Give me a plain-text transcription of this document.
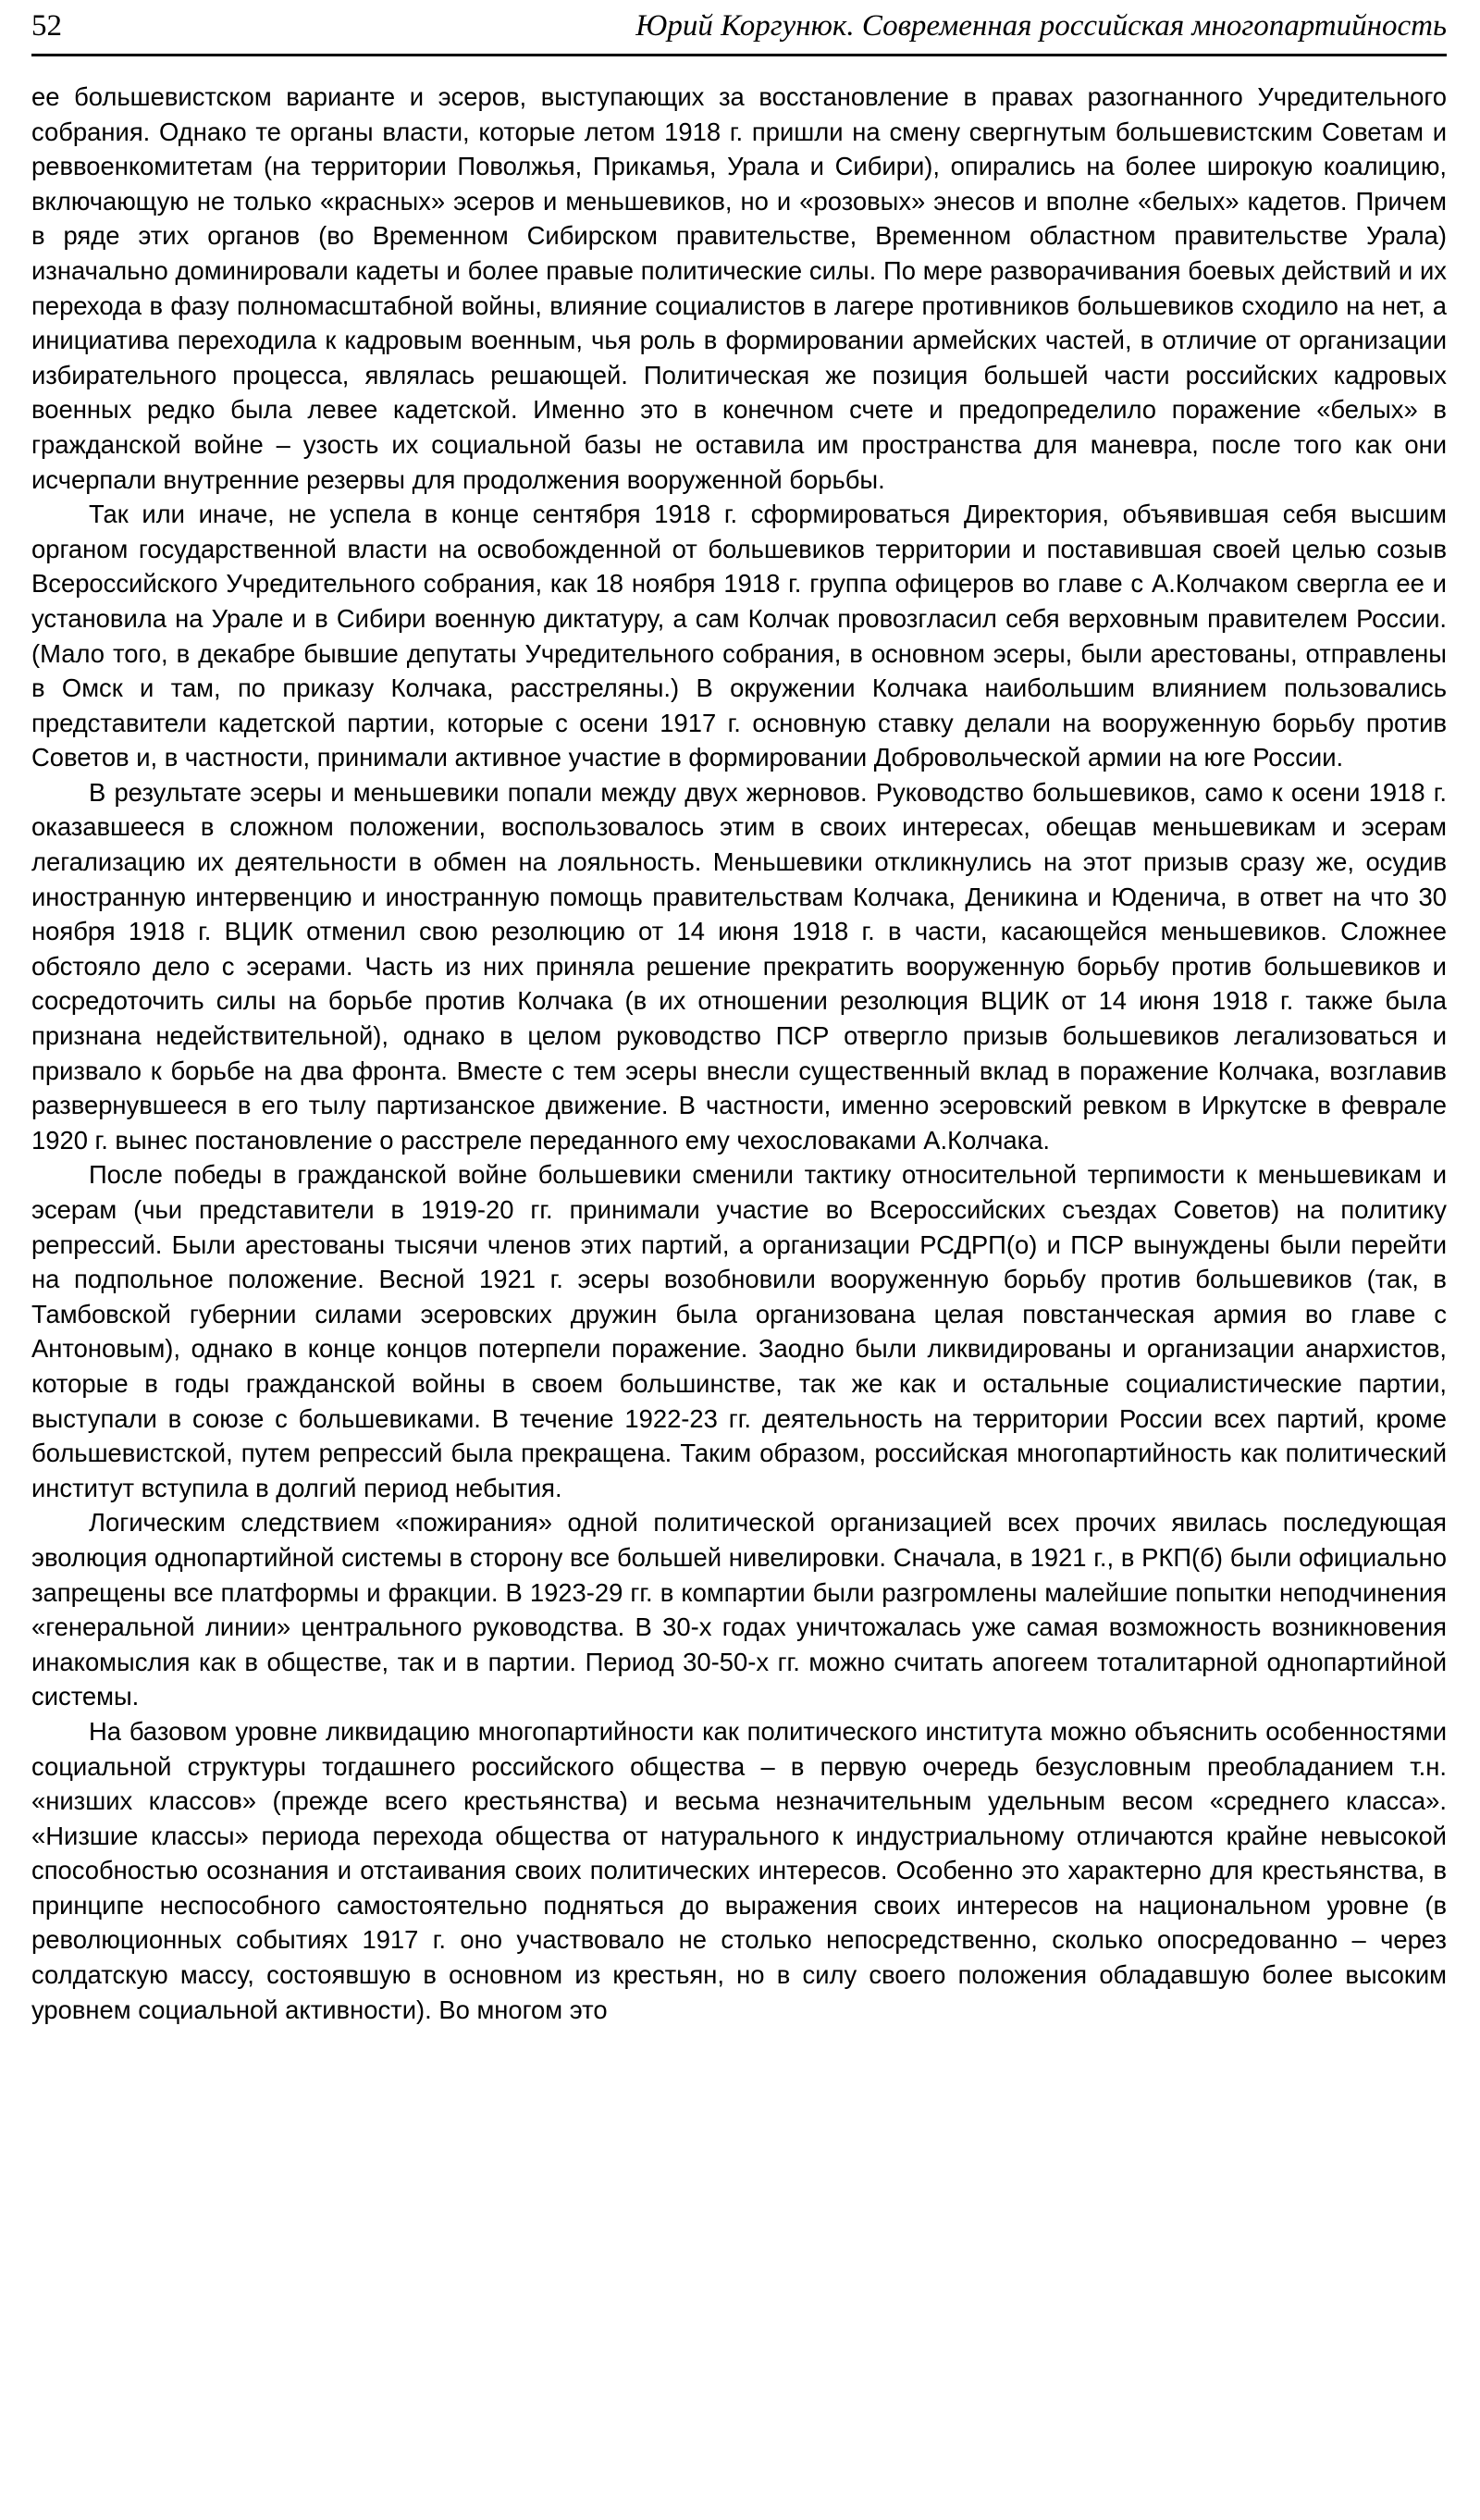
52	Юрий Коргунюк. Современная российская многопартийность

ее большевистском варианте и эсеров, выступающих за восстановление в правах разогнанного Учредительного собрания. Однако те органы власти, которые летом 1918 г. пришли на смену свергнутым большевистским Советам и реввоенкомитетам (на территории Поволжья, Прикамья, Урала и Сибири), опирались на более широкую коалицию, включающую не только «красных» эсеров и меньшевиков, но и «розовых» энесов и вполне «белых» кадетов. Причем в ряде этих органов (во Временном Сибирском правительстве, Временном областном правительстве Урала) изначально доминировали кадеты и более правые политические силы. По мере разворачивания боевых действий и их перехода в фазу полномасштабной войны, влияние социалистов в лагере противников большевиков сходило на нет, а инициатива переходила к кадровым военным, чья роль в формировании армейских частей, в отличие от организации избирательного процесса, являлась решающей. Политическая же позиция большей части российских кадровых военных редко была левее кадетской. Именно это в конечном счете и предопределило поражение «белых» в гражданской войне – узость их социальной базы не оставила им пространства для маневра, после того как они исчерпали внутренние резервы для продолжения вооруженной борьбы.

Так или иначе, не успела в конце сентября 1918 г. сформироваться Директория, объявившая себя высшим органом государственной власти на освобожденной от большевиков территории и поставившая своей целью созыв Всероссийского Учредительного собрания, как 18 ноября 1918 г. группа офицеров во главе с А.Колчаком свергла ее и установила на Урале и в Сибири военную диктатуру, а сам Колчак провозгласил себя верховным правителем России. (Мало того, в декабре бывшие депутаты Учредительного собрания, в основном эсеры, были арестованы, отправлены в Омск и там, по приказу Колчака, расстреляны.) В окружении Колчака наибольшим влиянием пользовались представители кадетской партии, которые с осени 1917 г. основную ставку делали на вооруженную борьбу против Советов и, в частности, принимали активное участие в формировании Добровольческой армии на юге России.

В результате эсеры и меньшевики попали между двух жерновов. Руководство большевиков, само к осени 1918 г. оказавшееся в сложном положении, воспользовалось этим в своих интересах, обещав меньшевикам и эсерам легализацию их деятельности в обмен на лояльность. Меньшевики откликнулись на этот призыв сразу же, осудив иностранную интервенцию и иностранную помощь правительствам Колчака, Деникина и Юденича, в ответ на что 30 ноября 1918 г. ВЦИК отменил свою резолюцию от 14 июня 1918 г. в части, касающейся меньшевиков. Сложнее обстояло дело с эсерами. Часть из них приняла решение прекратить вооруженную борьбу против большевиков и сосредоточить силы на борьбе против Колчака (в их отношении резолюция ВЦИК от 14 июня 1918 г. также была признана недействительной), однако в целом руководство ПСР отвергло призыв большевиков легализоваться и призвало к борьбе на два фронта. Вместе с тем эсеры внесли существенный вклад в поражение Колчака, возглавив развернувшееся в его тылу партизанское движение. В частности, именно эсеровский ревком в Иркутске в феврале 1920 г. вынес постановление о расстреле переданного ему чехословаками А.Колчака.

После победы в гражданской войне большевики сменили тактику относительной терпимости к меньшевикам и эсерам (чьи представители в 1919-20 гг. принимали участие во Всероссийских съездах Советов) на политику репрессий. Были арестованы тысячи членов этих партий, а организации РСДРП(о) и ПСР вынуждены были перейти на подпольное положение. Весной 1921 г. эсеры возобновили вооруженную борьбу против большевиков (так, в Тамбовской губернии силами эсеровских дружин была организована целая повстанческая армия во главе с Антоновым), однако в конце концов потерпели поражение. Заодно были ликвидированы и организации анархистов, которые в годы гражданской войны в своем большинстве, так же как и остальные социалистические партии, выступали в союзе с большевиками. В течение 1922-23 гг. деятельность на территории России всех партий, кроме большевистской, путем репрессий была прекращена. Таким образом, российская многопартийность как политический институт вступила в долгий период небытия.

Логическим следствием «пожирания» одной политической организацией всех прочих явилась последующая эволюция однопартийной системы в сторону все большей нивелировки. Сначала, в 1921 г., в РКП(б) были официально запрещены все платформы и фракции. В 1923-29 гг. в компартии были разгромлены малейшие попытки неподчинения «генеральной линии» центрального руководства. В 30-х годах уничтожалась уже самая возможность возникновения инакомыслия как в обществе, так и в партии. Период 30-50-х гг. можно считать апогеем тоталитарной однопартийной системы.

На базовом уровне ликвидацию многопартийности как политического института можно объяснить особенностями социальной структуры тогдашнего российского общества – в первую очередь безусловным преобладанием т.н. «низших классов» (прежде всего крестьянства) и весьма незначительным удельным весом «среднего класса». «Низшие классы» периода перехода общества от натурального к индустриальному отличаются крайне невысокой способностью осознания и отстаивания своих политических интересов. Особенно это характерно для крестьянства, в принципе неспособного самостоятельно подняться до выражения своих интересов на национальном уровне (в революционных событиях 1917 г. оно участвовало не столько непосредственно, сколько опосредованно – через солдатскую массу, состоявшую в основном из крестьян, но в силу своего положения обладавшую более высоким уровнем социальной активности). Во многом это
